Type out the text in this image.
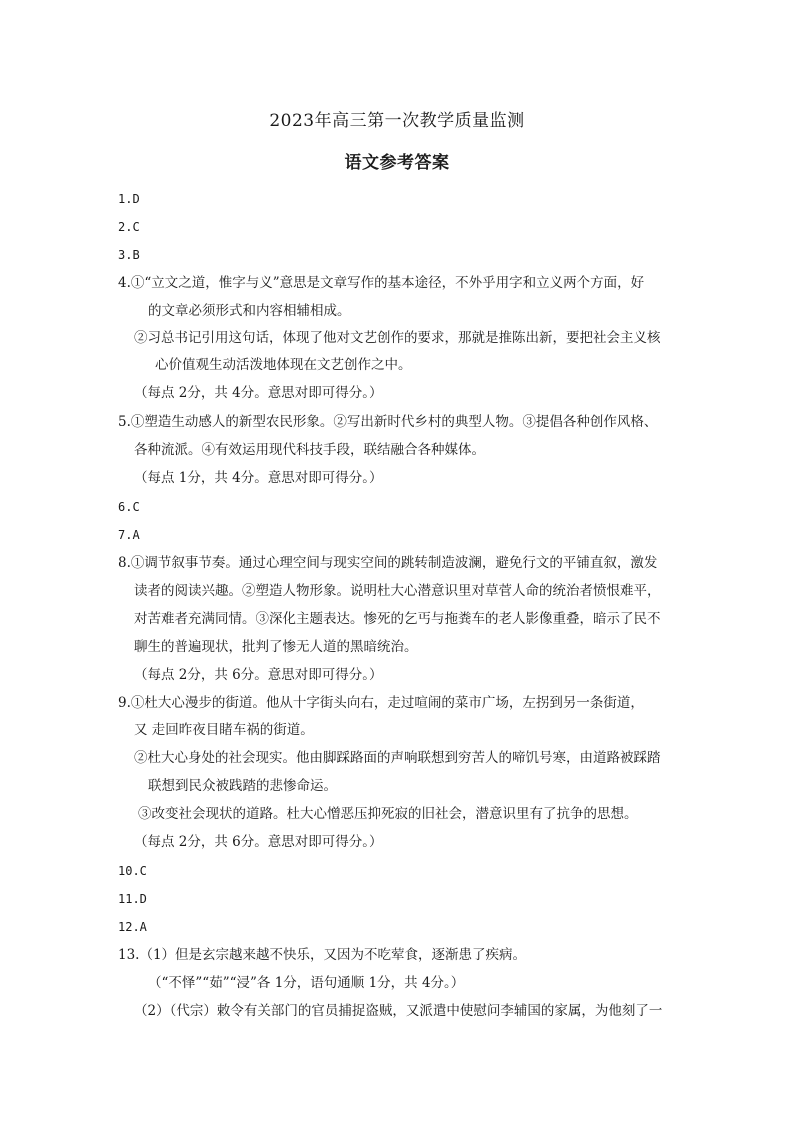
2023年高三第一次教学质量监测
语文参考答案
1.D
2.C
3.B
4.①“立文之道，惟字与义”意思是文章写作的基本途径，不外乎用字和立义两个方面，好
的文章必须形式和内容相辅相成。
②习总书记引用这句话，体现了他对文艺创作的要求，那就是推陈出新，要把社会主义核
心价值观生动活泼地体现在文艺创作之中。
（每点 2分，共 4分。意思对即可得分。）
5.①塑造生动感人的新型农民形象。②写出新时代乡村的典型人物。③提倡各种创作风格、
各种流派。④有效运用现代科技手段，联结融合各种媒体。
（每点 1分，共 4分。意思对即可得分。）
6.C
7.A
8.①调节叙事节奏。通过心理空间与现实空间的跳转制造波澜，避免行文的平铺直叙，激发
读者的阅读兴趣。②塑造人物形象。说明杜大心潜意识里对草菅人命的统治者愤恨难平，
对苦难者充满同情。③深化主题表达。惨死的乞丐与拖粪车的老人影像重叠，暗示了民不
聊生的普遍现状，批判了惨无人道的黑暗统治。
（每点 2分，共 6分。意思对即可得分。）
9.①杜大心漫步的街道。他从十字街头向右，走过喧闹的菜市广场，左拐到另一条街道，
又 走回昨夜目睹车祸的街道。
②杜大心身处的社会现实。他由脚踩路面的声响联想到穷苦人的啼饥号寒，由道路被踩踏
联想到民众被践踏的悲惨命运。
③改变社会现状的道路。杜大心憎恶压抑死寂的旧社会，潜意识里有了抗争的思想。
（每点 2分，共 6分。意思对即可得分。）
10.C
11.D
12.A
13.（1）但是玄宗越来越不快乐，又因为不吃荤食，逐渐患了疾病。
（“不怿”“茹”“浸”各 1分，语句通顺 1分，共 4分。）
（2）（代宗）敕令有关部门的官员捕捉盗贼，又派遣中使慰问李辅国的家属，为他刻了一
